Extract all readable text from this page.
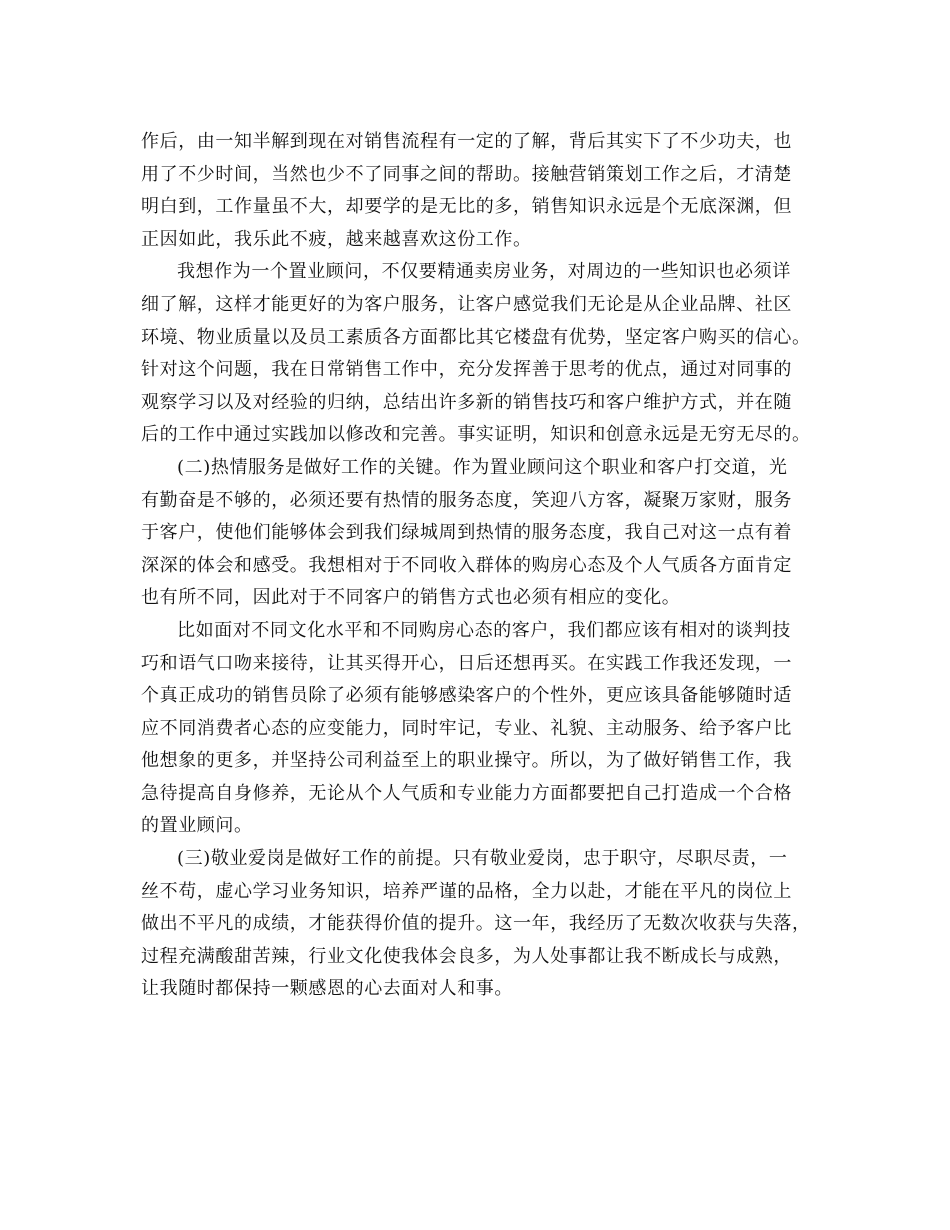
作后，由一知半解到现在对销售流程有一定的了解，背后其实下了不少功夫，也
用了不少时间，当然也少不了同事之间的帮助。接触营销策划工作之后，才清楚
明白到，工作量虽不大，却要学的是无比的多，销售知识永远是个无底深渊，但
正因如此，我乐此不疲，越来越喜欢这份工作。

我想作为一个置业顾问，不仅要精通卖房业务，对周边的一些知识也必须详
细了解，这样才能更好的为客户服务，让客户感觉我们无论是从企业品牌、社区
环境、物业质量以及员工素质各方面都比其它楼盘有优势，坚定客户购买的信心。
针对这个问题，我在日常销售工作中，充分发挥善于思考的优点，通过对同事的
观察学习以及对经验的归纳，总结出许多新的销售技巧和客户维护方式，并在随
后的工作中通过实践加以修改和完善。事实证明，知识和创意永远是无穷无尽的。

(二)热情服务是做好工作的关键。作为置业顾问这个职业和客户打交道，光
有勤奋是不够的，必须还要有热情的服务态度，笑迎八方客，凝聚万家财，服务
于客户，使他们能够体会到我们绿城周到热情的服务态度，我自己对这一点有着
深深的体会和感受。我想相对于不同收入群体的购房心态及个人气质各方面肯定
也有所不同，因此对于不同客户的销售方式也必须有相应的变化。

比如面对不同文化水平和不同购房心态的客户，我们都应该有相对的谈判技
巧和语气口吻来接待，让其买得开心，日后还想再买。在实践工作我还发现，一
个真正成功的销售员除了必须有能够感染客户的个性外，更应该具备能够随时适
应不同消费者心态的应变能力，同时牢记，专业、礼貌、主动服务、给予客户比
他想象的更多，并坚持公司利益至上的职业操守。所以，为了做好销售工作，我
急待提高自身修养，无论从个人气质和专业能力方面都要把自己打造成一个合格
的置业顾问。

(三)敬业爱岗是做好工作的前提。只有敬业爱岗，忠于职守，尽职尽责，一
丝不苟，虚心学习业务知识，培养严谨的品格，全力以赴，才能在平凡的岗位上
做出不平凡的成绩，才能获得价值的提升。这一年，我经历了无数次收获与失落，
过程充满酸甜苦辣，行业文化使我体会良多，为人处事都让我不断成长与成熟，
让我随时都保持一颗感恩的心去面对人和事。
